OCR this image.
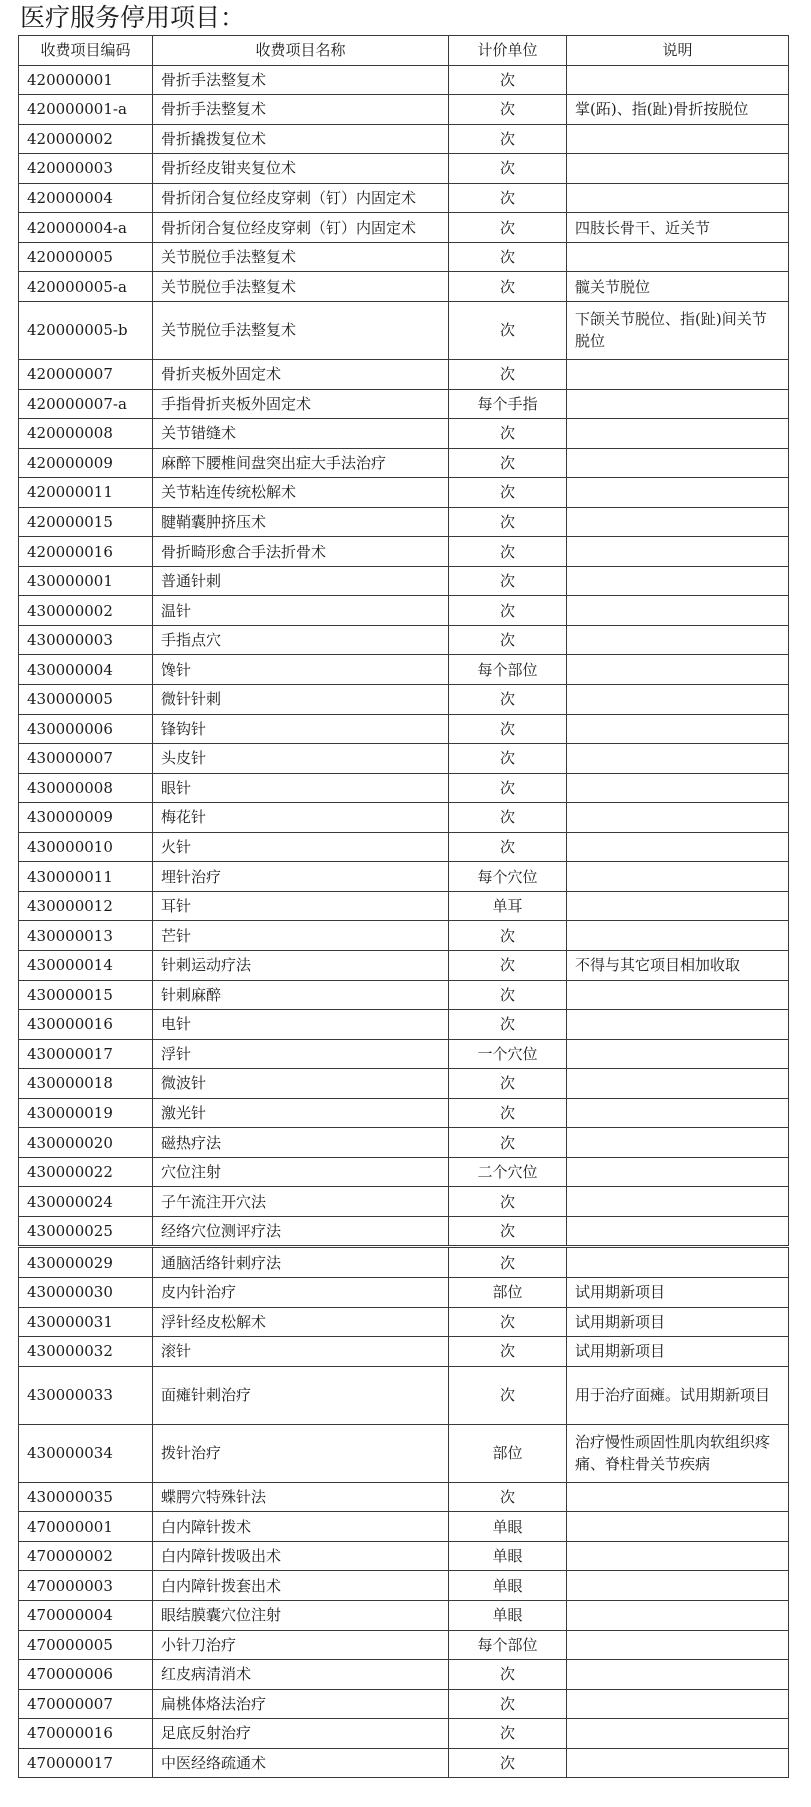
医疗服务停用项目：
收费项目编码	收费项目名称	计价单位	说明
420000001	骨折手法整复术	次	
420000001-a	骨折手法整复术	次	掌(跖)、指(趾)骨折按脱位
420000002	骨折撬拨复位术	次	
420000003	骨折经皮钳夹复位术	次	
420000004	骨折闭合复位经皮穿刺（钉）内固定术	次	
420000004-a	骨折闭合复位经皮穿刺（钉）内固定术	次	四肢长骨干、近关节
420000005	关节脱位手法整复术	次	
420000005-a	关节脱位手法整复术	次	髋关节脱位
420000005-b	关节脱位手法整复术	次	下颌关节脱位、指(趾)间关节脱位
420000007	骨折夹板外固定术	次	
420000007-a	手指骨折夹板外固定术	每个手指	
420000008	关节错缝术	次	
420000009	麻醉下腰椎间盘突出症大手法治疗	次	
420000011	关节粘连传统松解术	次	
420000015	腱鞘囊肿挤压术	次	
420000016	骨折畸形愈合手法折骨术	次	
430000001	普通针刺	次	
430000002	温针	次	
430000003	手指点穴	次	
430000004	馋针	每个部位	
430000005	微针针刺	次	
430000006	锋钩针	次	
430000007	头皮针	次	
430000008	眼针	次	
430000009	梅花针	次	
430000010	火针	次	
430000011	埋针治疗	每个穴位	
430000012	耳针	单耳	
430000013	芒针	次	
430000014	针刺运动疗法	次	不得与其它项目相加收取
430000015	针刺麻醉	次	
430000016	电针	次	
430000017	浮针	一个穴位	
430000018	微波针	次	
430000019	激光针	次	
430000020	磁热疗法	次	
430000022	穴位注射	二个穴位	
430000024	子午流注开穴法	次	
430000025	经络穴位测评疗法	次	
430000029	通脑活络针刺疗法	次	
430000030	皮内针治疗	部位	试用期新项目
430000031	浮针经皮松解术	次	试用期新项目
430000032	滚针	次	试用期新项目
430000033	面瘫针刺治疗	次	用于治疗面瘫。试用期新项目
430000034	拨针治疗	部位	治疗慢性顽固性肌肉软组织疼痛、脊柱骨关节疾病
430000035	蝶腭穴特殊针法	次	
470000001	白内障针拨术	单眼	
470000002	白内障针拨吸出术	单眼	
470000003	白内障针拨套出术	单眼	
470000004	眼结膜囊穴位注射	单眼	
470000005	小针刀治疗	每个部位	
470000006	红皮病清消术	次	
470000007	扁桃体烙法治疗	次	
470000016	足底反射治疗	次	
470000017	中医经络疏通术	次	
